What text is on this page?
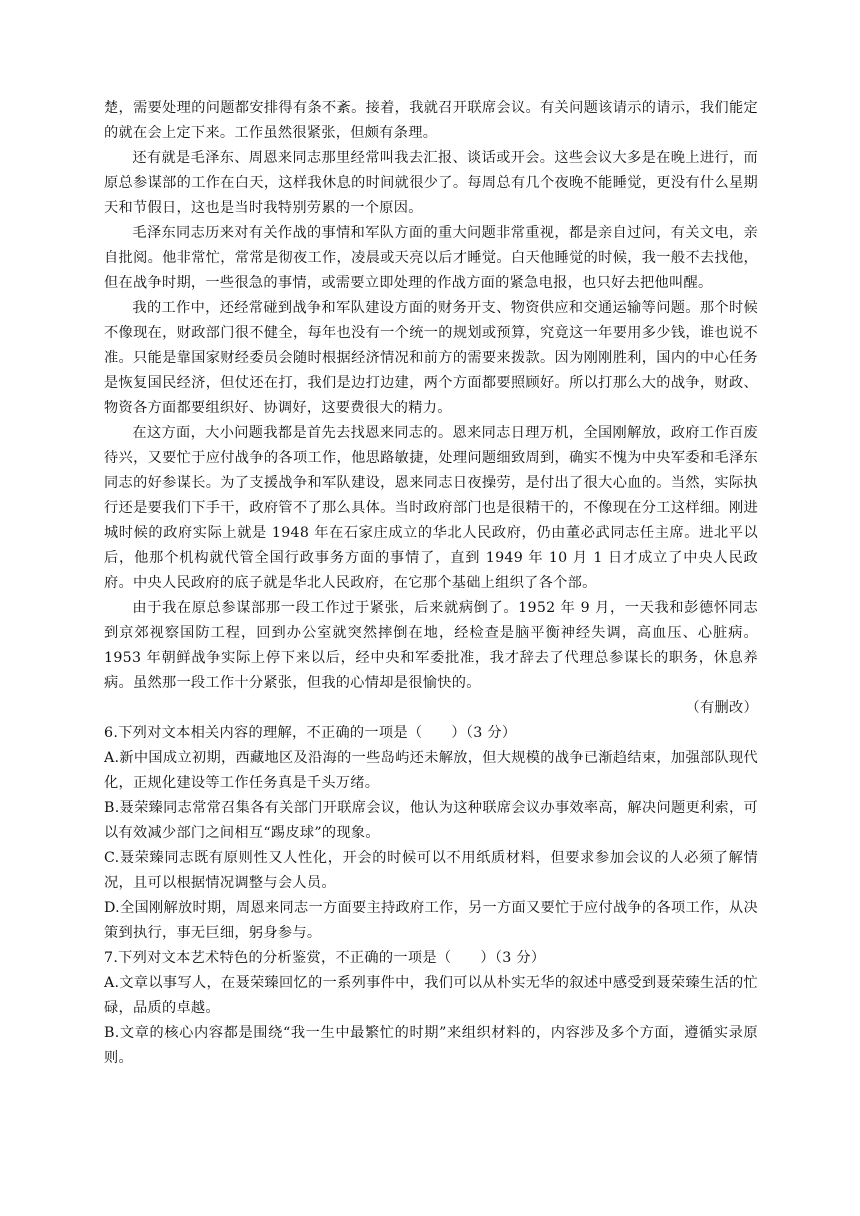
楚，需要处理的问题都安排得有条不紊。接着，我就召开联席会议。有关问题该请示的请示，我们能定的就在会上定下来。工作虽然很紧张，但颇有条理。

还有就是毛泽东、周恩来同志那里经常叫我去汇报、谈话或开会。这些会议大多是在晚上进行，而原总参谋部的工作在白天，这样我休息的时间就很少了。每周总有几个夜晚不能睡觉，更没有什么星期天和节假日，这也是当时我特别劳累的一个原因。

毛泽东同志历来对有关作战的事情和军队方面的重大问题非常重视，都是亲自过问，有关文电，亲自批阅。他非常忙，常常是彻夜工作，凌晨或天亮以后才睡觉。白天他睡觉的时候，我一般不去找他，但在战争时期，一些很急的事情，或需要立即处理的作战方面的紧急电报，也只好去把他叫醒。

我的工作中，还经常碰到战争和军队建设方面的财务开支、物资供应和交通运输等问题。那个时候不像现在，财政部门很不健全，每年也没有一个统一的规划或预算，究竟这一年要用多少钱，谁也说不准。只能是靠国家财经委员会随时根据经济情况和前方的需要来拨款。因为刚刚胜利，国内的中心任务是恢复国民经济，但仗还在打，我们是边打边建，两个方面都要照顾好。所以打那么大的战争，财政、物资各方面都要组织好、协调好，这要费很大的精力。

在这方面，大小问题我都是首先去找恩来同志的。恩来同志日理万机，全国刚解放，政府工作百废待兴，又要忙于应付战争的各项工作，他思路敏捷，处理问题细致周到，确实不愧为中央军委和毛泽东同志的好参谋长。为了支援战争和军队建设，恩来同志日夜操劳，是付出了很大心血的。当然，实际执行还是要我们下手干，政府管不了那么具体。当时政府部门也是很精干的，不像现在分工这样细。刚进城时候的政府实际上就是 1948 年在石家庄成立的华北人民政府，仍由董必武同志任主席。进北平以后，他那个机构就代管全国行政事务方面的事情了，直到 1949 年 10 月 1 日才成立了中央人民政府。中央人民政府的底子就是华北人民政府，在它那个基础上组织了各个部。

由于我在原总参谋部那一段工作过于紧张，后来就病倒了。1952 年 9 月，一天我和彭德怀同志到京郊视察国防工程，回到办公室就突然摔倒在地，经检查是脑平衡神经失调，高血压、心脏病。1953 年朝鲜战争实际上停下来以后，经中央和军委批准，我才辞去了代理总参谋长的职务，休息养病。虽然那一段工作十分紧张，但我的心情却是很愉快的。

（有删改）

6.下列对文本相关内容的理解，不正确的一项是（　　）（3 分）

A.新中国成立初期，西藏地区及沿海的一些岛屿还未解放，但大规模的战争已渐趋结束，加强部队现代化，正规化建设等工作任务真是千头万绪。

B.聂荣臻同志常常召集各有关部门开联席会议，他认为这种联席会议办事效率高，解决问题更利索，可以有效减少部门之间相互“踢皮球”的现象。

C.聂荣臻同志既有原则性又人性化，开会的时候可以不用纸质材料，但要求参加会议的人必须了解情况，且可以根据情况调整与会人员。

D.全国刚解放时期，周恩来同志一方面要主持政府工作，另一方面又要忙于应付战争的各项工作，从决策到执行，事无巨细，躬身参与。

7.下列对文本艺术特色的分析鉴赏，不正确的一项是（　　）（3 分）

A.文章以事写人，在聂荣臻回忆的一系列事件中，我们可以从朴实无华的叙述中感受到聂荣臻生活的忙碌，品质的卓越。

B.文章的核心内容都是围绕“我一生中最繁忙的时期”来组织材料的，内容涉及多个方面，遵循实录原则。
